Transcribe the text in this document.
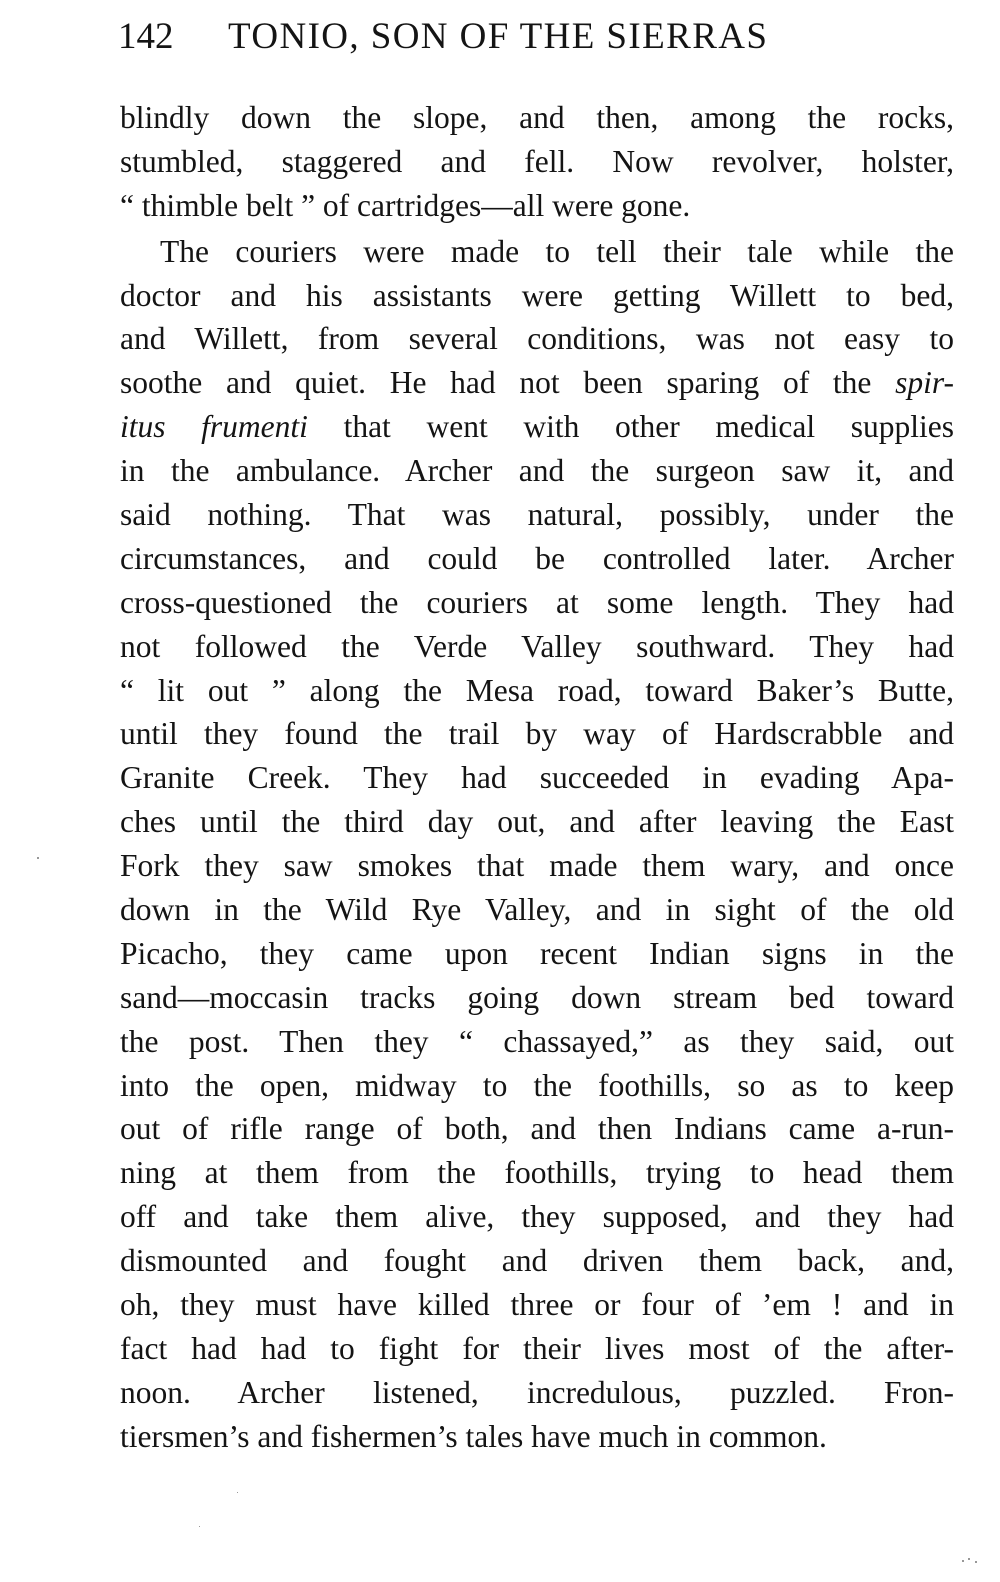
142 TONIO, SON OF THE SIERRAS
blindly down the slope, and then, among the rocks,
stumbled, staggered and fell. Now revolver, holster,
“ thimble belt ” of cartridges—all were gone.
The couriers were made to tell their tale while the
doctor and his assistants were getting Willett to bed,
and Willett, from several conditions, was not easy to
soothe and quiet. He had not been sparing of the spir-
itus frumenti that went with other medical supplies
in the ambulance. Archer and the surgeon saw it, and
said nothing. That was natural, possibly, under the
circumstances, and could be controlled later. Archer
cross-questioned the couriers at some length. They had
not followed the Verde Valley southward. They had
“ lit out ” along the Mesa road, toward Baker’s Butte,
until they found the trail by way of Hardscrabble and
Granite Creek. They had succeeded in evading Apa-
ches until the third day out, and after leaving the East
Fork they saw smokes that made them wary, and once
down in the Wild Rye Valley, and in sight of the old
Picacho, they came upon recent Indian signs in the
sand—moccasin tracks going down stream bed toward
the post. Then they “ chassayed,” as they said, out
into the open, midway to the foothills, so as to keep
out of rifle range of both, and then Indians came a-run-
ning at them from the foothills, trying to head them
off and take them alive, they supposed, and they had
dismounted and fought and driven them back, and,
oh, they must have killed three or four of ’em ! and in
fact had had to fight for their lives most of the after-
noon. Archer listened, incredulous, puzzled. Fron-
tiersmen’s and fishermen’s tales have much in common.
